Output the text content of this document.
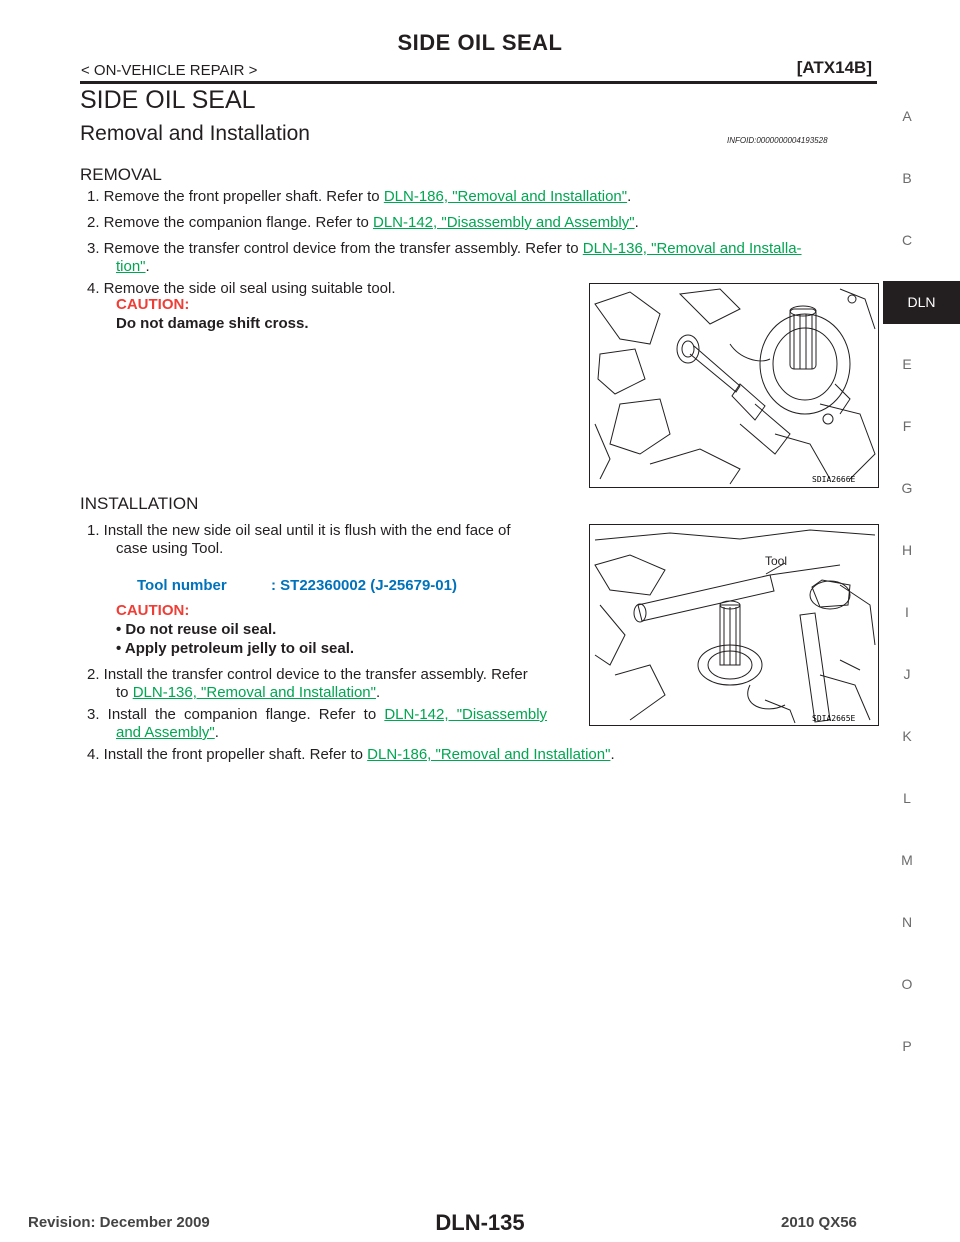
SIDE OIL SEAL
< ON-VEHICLE REPAIR >	[ATX14B]
SIDE OIL SEAL
Removal and Installation	INFOID:0000000004193528
REMOVAL
1. Remove the front propeller shaft. Refer to DLN-186, "Removal and Installation".
2. Remove the companion flange. Refer to DLN-142, "Disassembly and Assembly".
3. Remove the transfer control device from the transfer assembly. Refer to DLN-136, "Removal and Installa-
tion".
4. Remove the side oil seal using suitable tool.
CAUTION:
Do not damage shift cross.
SDIA2666E
INSTALLATION
1. Install the new side oil seal until it is flush with the end face of
case using Tool.
Tool number	: ST22360002 (J-25679-01)
CAUTION:
• Do not reuse oil seal.
• Apply petroleum jelly to oil seal.
2. Install the transfer control device to the transfer assembly. Refer
to DLN-136, "Removal and Installation".
3. Install the companion flange. Refer to DLN-142, "Disassembly
and Assembly".
4. Install the front propeller shaft. Refer to DLN-186, "Removal and Installation".
Tool
SDIA2665E
A
B
C
DLN
E
F
G
H
I
J
K
L
M
N
O
P
DLN-135
Revision: December 2009	2010 QX56
